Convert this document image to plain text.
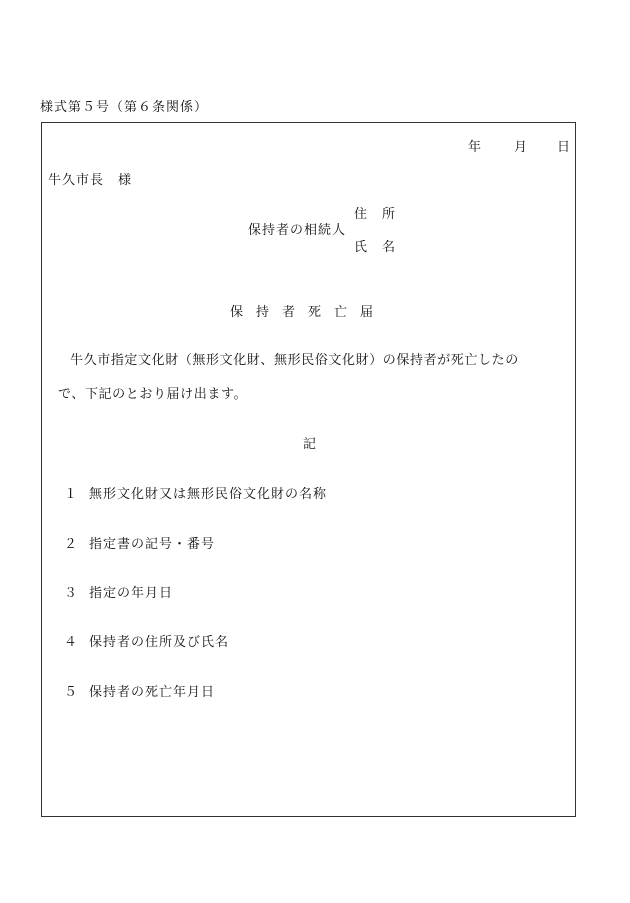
様式第５号（第６条関係）
年 月 日
牛久市長　様
住　所
保持者の相続人
氏　名
保持者死亡届
牛久市指定文化財（無形文化財、無形民俗文化財）の保持者が死亡したの
で、下記のとおり届け出ます。
記
１ 無形文化財又は無形民俗文化財の名称
２ 指定書の記号・番号
３ 指定の年月日
４ 保持者の住所及び氏名
５ 保持者の死亡年月日
